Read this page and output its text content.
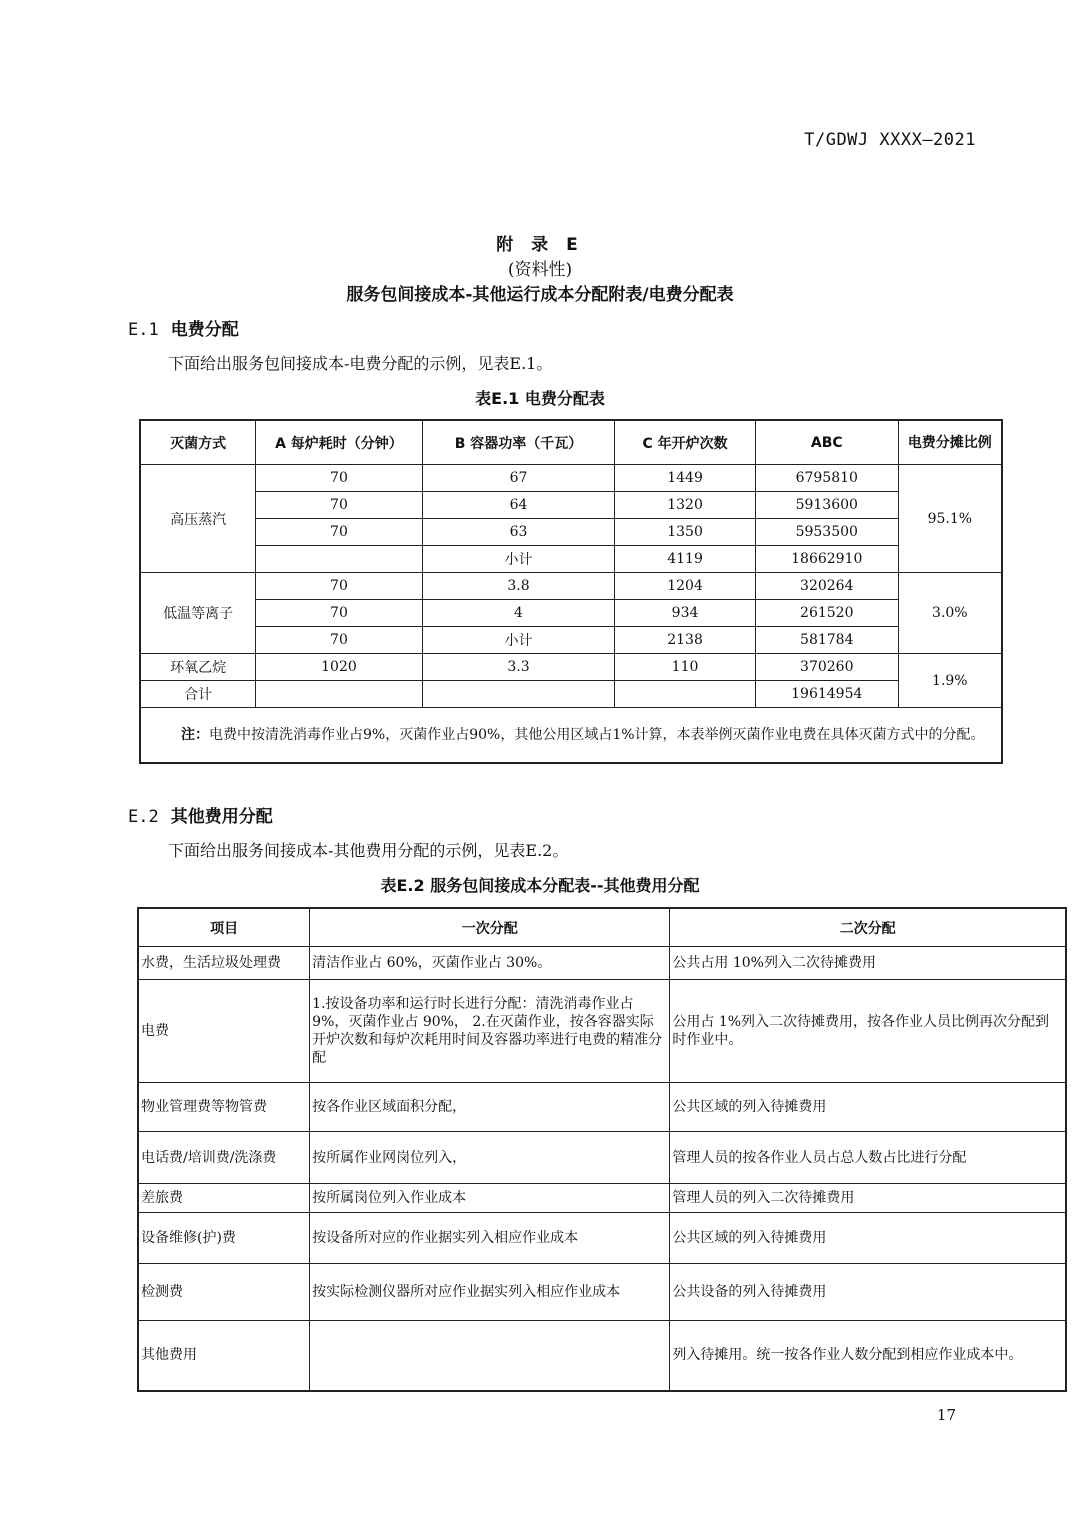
T/GDWJ XXXX—2021
附 录 E
(资料性)
服务包间接成本-其他运行成本分配附表/电费分配表
E.1 电费分配
下面给出服务包间接成本-电费分配的示例，见表E.1。
表E.1 电费分配表
灭菌方式	A 每炉耗时（分钟）	B 容器功率（千瓦）	C 年开炉次数	ABC	电费分摊比例
高压蒸汽	70	67	1449	6795810	95.1%
	70	64	1320	5913600	
	70	63	1350	5953500	
		小计	4119	18662910	
低温等离子	70	3.8	1204	320264	3.0%
	70	4	934	261520	
	70	小计	2138	581784	
环氧乙烷	1020	3.3	110	370260	1.9%
合计				19614954	
注：电费中按清洗消毒作业占9%，灭菌作业占90%，其他公用区域占1%计算，本表举例灭菌作业电费在具体灭菌方式中的分配。					
E.2 其他费用分配
下面给出服务间接成本-其他费用分配的示例，见表E.2。
表E.2 服务包间接成本分配表--其他费用分配
项目	一次分配	二次分配
水费，生活垃圾处理费	清洁作业占 60%，灭菌作业占 30%。	公共占用 10%列入二次待摊费用
电费	1.按设备功率和运行时长进行分配：清洗消毒作业占 9%，灭菌作业占 90%， 2.在灭菌作业，按各容器实际开炉次数和每炉次耗用时间及容器功率进行电费的精准分配	公用占 1%列入二次待摊费用，按各作业人员比例再次分配到时作业中。
物业管理费等物管费	按各作业区域面积分配，	公共区域的列入待摊费用
电话费/培训费/洗涤费	按所属作业网岗位列入，	管理人员的按各作业人员占总人数占比进行分配
差旅费	按所属岗位列入作业成本	管理人员的列入二次待摊费用
设备维修(护)费	按设备所对应的作业据实列入相应作业成本	公共区域的列入待摊费用
检测费	按实际检测仪器所对应作业据实列入相应作业成本	公共设备的列入待摊费用
其他费用		列入待摊用。统一按各作业人数分配到相应作业成本中。
17
